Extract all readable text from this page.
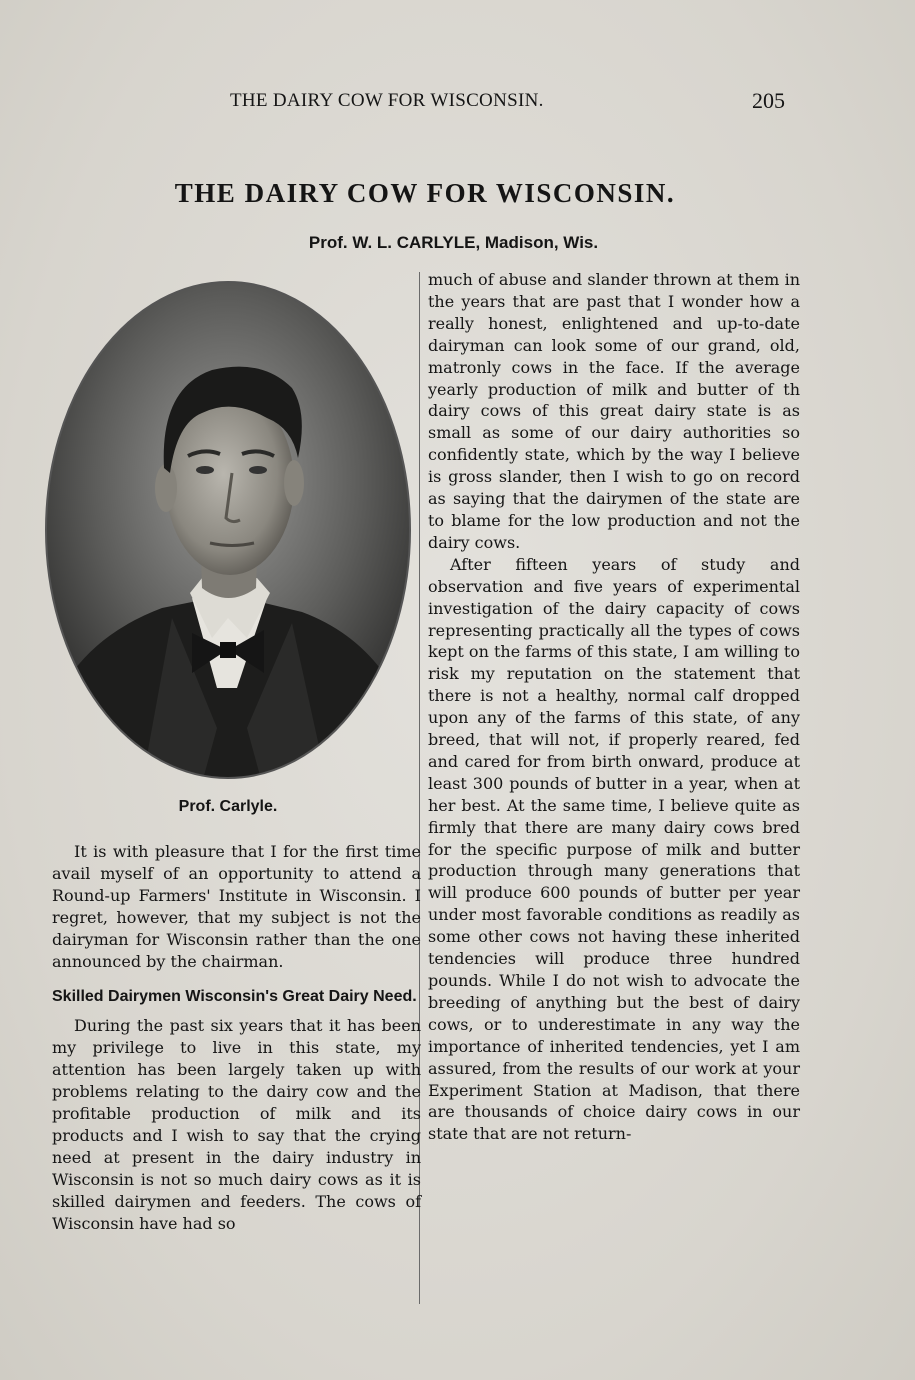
THE DAIRY COW FOR WISCONSIN.	205
THE DAIRY COW FOR WISCONSIN.
Prof. W. L. CARLYLE, Madison, Wis.
Prof. Carlyle.

It is with pleasure that I for the first time avail myself of an opportunity to attend a Round-up Farmers' Institute in Wisconsin. I regret, however, that my subject is not the dairyman for Wisconsin rather than the one announced by the chairman.

Skilled Dairymen Wisconsin's Great Dairy Need.

During the past six years that it has been my privilege to live in this state, my attention has been largely taken up with problems relating to the dairy cow and the profitable production of milk and its products and I wish to say that the crying need at present in the dairy industry in Wisconsin is not so much dairy cows as it is skilled dairymen and feeders. The cows of Wisconsin have had so

much of abuse and slander thrown at them in the years that are past that I wonder how a really honest, enlightened and up-to-date dairyman can look some of our grand, old, matronly cows in the face. If the average yearly production of milk and butter of th dairy cows of this great dairy state is as small as some of our dairy authorities so confidently state, which by the way I believe is gross slander, then I wish to go on record as saying that the dairymen of the state are to blame for the low production and not the dairy cows.

After fifteen years of study and observation and five years of experimental investigation of the dairy capacity of cows representing practically all the types of cows kept on the farms of this state, I am willing to risk my reputation on the statement that there is not a healthy, normal calf dropped upon any of the farms of this state, of any breed, that will not, if properly reared, fed and cared for from birth onward, produce at least 300 pounds of butter in a year, when at her best. At the same time, I believe quite as firmly that there are many dairy cows bred for the specific purpose of milk and butter production through many generations that will produce 600 pounds of butter per year under most favorable conditions as readily as some other cows not having these inherited tendencies will produce three hundred pounds. While I do not wish to advocate the breeding of anything but the best of dairy cows, or to underestimate in any way the importance of inherited tendencies, yet I am assured, from the results of our work at your Experiment Station at Madison, that there are thousands of choice dairy cows in our state that are not return-
